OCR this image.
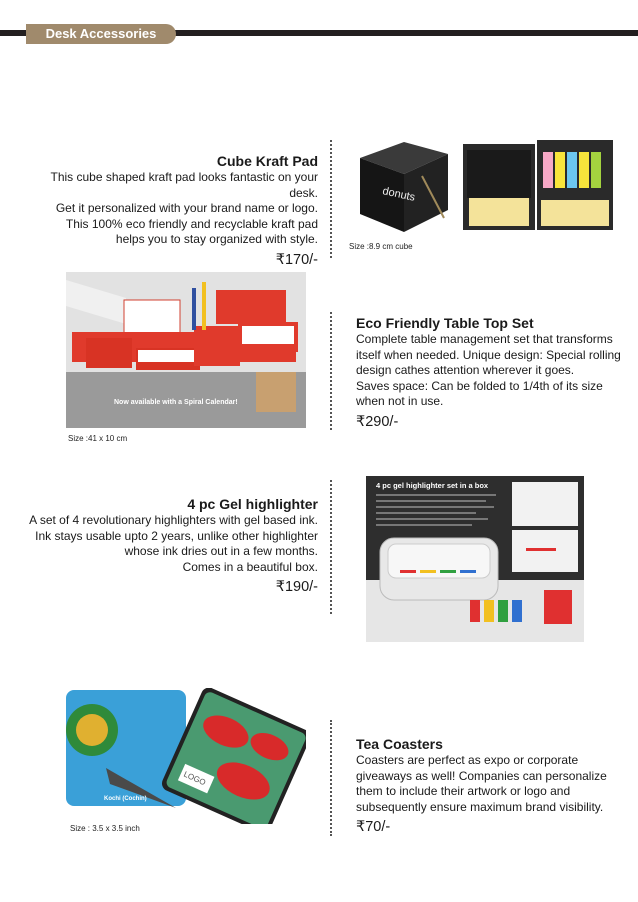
Desk Accessories
Cube Kraft Pad
This cube shaped kraft pad looks fantastic on your desk.
Get it personalized with your brand name or logo.
This 100% eco friendly and recyclable kraft pad
helps you to stay organized with style.
₹170/-
donuts
Size :8.9 cm cube
Now available with a Spiral Calendar!
Size :41 x 10 cm
Eco Friendly Table Top Set
Complete table management set that transforms
itself when needed. Unique design: Special rolling
design cathes attention wherever it goes.
Saves space: Can be folded to 1/4th of its size
when not in use.
₹290/-
4 pc Gel highlighter
A set of 4 revolutionary highlighters with gel based ink.
Ink stays usable upto 2 years, unlike other highlighter
whose ink dries out in a few months.
Comes in a beautiful box.
₹190/-
4 pc gel highlighter set in a box
Kochi (Cochin)
LOGO
Size : 3.5 x 3.5 inch
Tea Coasters
Coasters are perfect as expo or corporate
giveaways as well! Companies can personalize
them to include their artwork or logo and
subsequently ensure maximum brand visibility.
₹70/-
